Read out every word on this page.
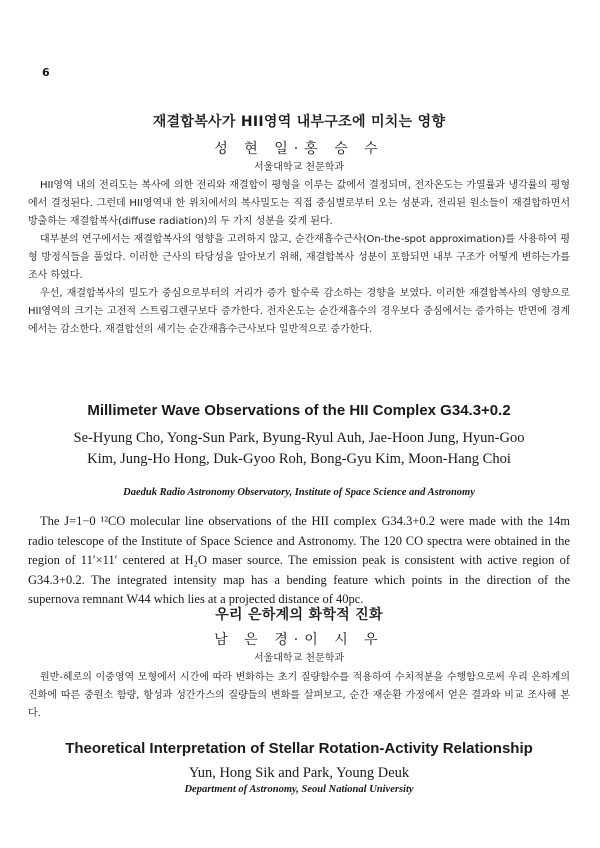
6
재결합복사가 HII영역 내부구조에 미치는 영향
성 현 일·홍 승 수
서울대학교 천문학과

HII영역 내의 전리도는 복사에 의한 전리와 재결합이 평형을 이루는 값에서 결정되며, 전자온도는 가열률과 냉각률의 평형에서 결정된다. 그런데 HII영역내 한 위치에서의 복사밀도는 직접 중심별로부터 오는 성분과, 전리된 원소들이 재결합하면서 방출하는 재결합복사(diffuse radiation)의 두 가지 성분을 갖게 된다.

대부분의 연구에서는 재결합복사의 영향을 고려하지 않고, 순간재흡수근사(On-the-spot approximation)를 사용하여 평형 방정식들을 풀었다. 이러한 근사의 타당성을 알아보기 위해, 재결합복사 성분이 포함되면 내부 구조가 어떻게 변하는가를 조사 하였다.

우선, 재결합복사의 밀도가 중심으로부터의 거리가 증가 할수록 감소하는 경향을 보였다. 이러한 재결합복사의 영향으로 HII영역의 크기는 고전적 스트림그렌구보다 증가한다. 전자온도는 순간재흡수의 경우보다 중심에서는 증가하는 반면에 경계에서는 감소한다. 재결합선의 세기는 순간재흡수근사보다 일반적으로 증가한다.

Millimeter Wave Observations of the HII Complex G34.3+0.2
Se-Hyung Cho, Yong-Sun Park, Byung-Ryul Auh, Jae-Hoon Jung, Hyun-Goo Kim, Jung-Ho Hong, Duk-Gyoo Roh, Bong-Gyu Kim, Moon-Hang Choi
Daeduk Radio Astronomy Observatory, Institute of Space Science and Astronomy

The J=1−0 ¹²CO molecular line observations of the HII complex G34.3+0.2 were made with the 14m radio telescope of the Institute of Space Science and Astronomy. The 120 CO spectra were obtained in the region of 11′×11′ centered at H₂O maser source. The emission peak is consistent with active region of G34.3+0.2. The integrated intensity map has a bending feature which points in the direction of the supernova remnant W44 which lies at a projected distance of 40pc.

우리 은하계의 화학적 진화
남 은 경·이 시 우
서울대학교 천문학과

원반-헤로의 이중영역 모형에서 시간에 따라 변화하는 초기 질량함수를 적용하여 수치적분을 수행함으로써 우리 은하계의 진화에 따른 중원소 함량, 항성과 성간가스의 질량들의 변화를 살펴보고, 순간 재순환 가정에서 얻은 결과와 비교 조사해 본다.

Theoretical Interpretation of Stellar Rotation-Activity Relationship
Yun, Hong Sik and Park, Young Deuk
Department of Astronomy, Seoul National University
